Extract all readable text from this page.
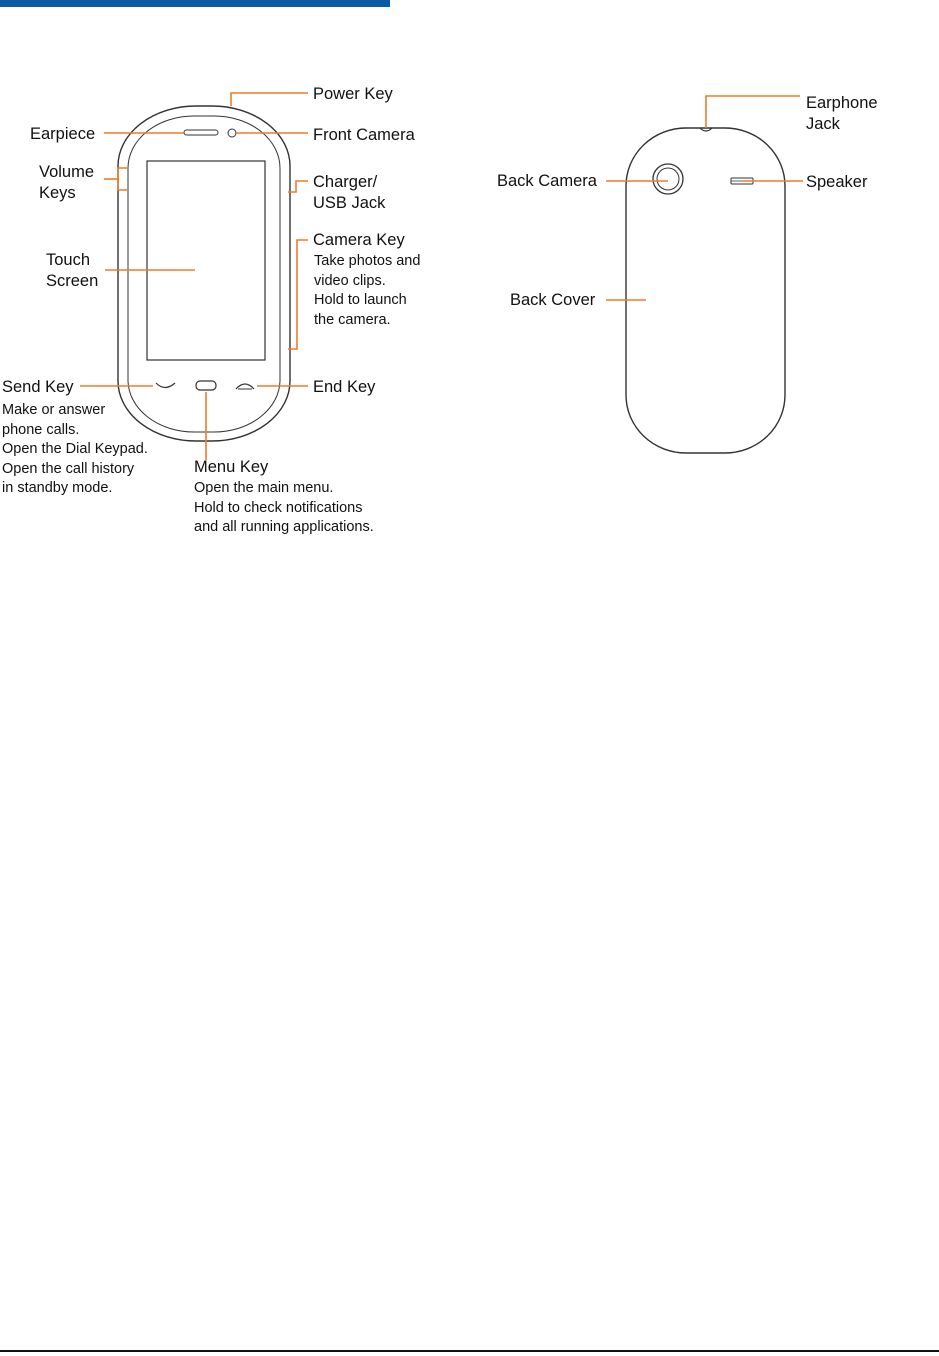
Power Key
Earpiece	Front Camera
Volume
Keys
Charger/
USB Jack
Camera Key
Take photos and
video clips.
Hold to launch
the camera.
Touch
Screen
Send Key
Make or answer
phone calls.
Open the Dial Keypad.
Open the call history
in standby mode.
End Key
Menu Key
Open the main menu.
Hold to check notifications
and all running applications.
Earphone
Jack
Back Camera	Speaker
Back Cover
